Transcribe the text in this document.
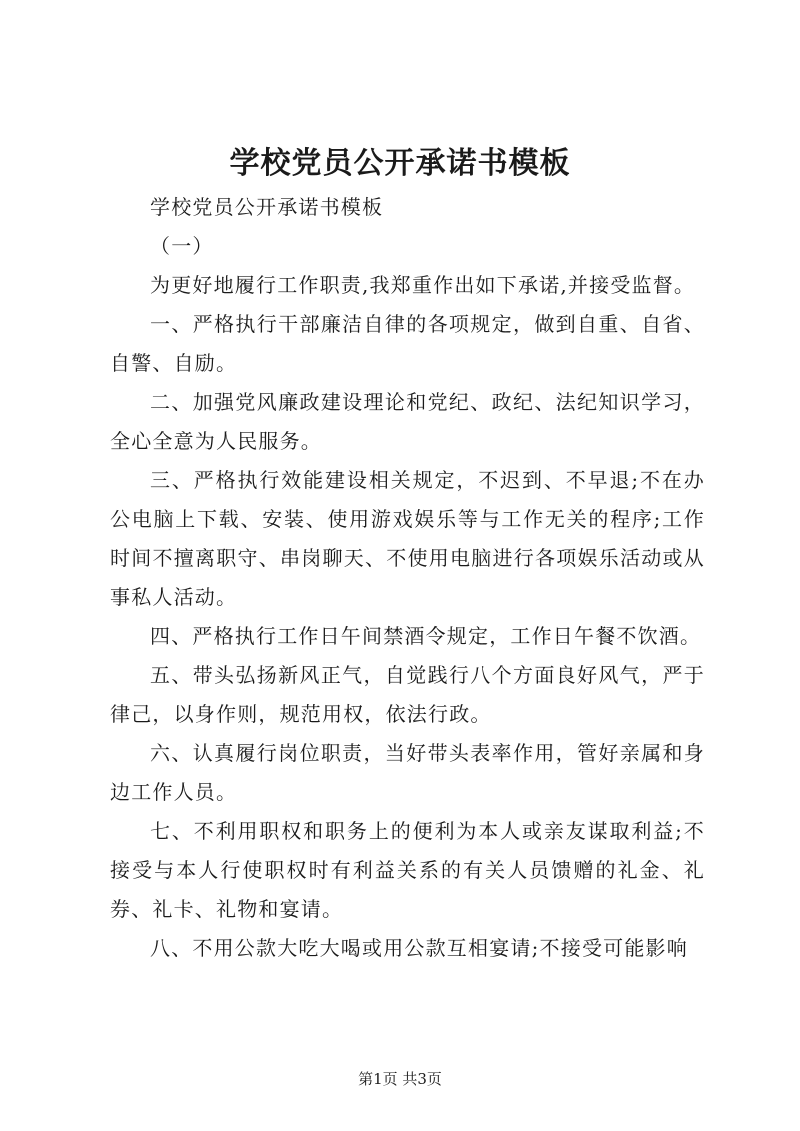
学校党员公开承诺书模板

学校党员公开承诺书模板

（一）

为更好地履行工作职责,我郑重作出如下承诺,并接受监督。

一、严格执行干部廉洁自律的各项规定，做到自重、自省、自警、自励。

二、加强党风廉政建设理论和党纪、政纪、法纪知识学习，全心全意为人民服务。

三、严格执行效能建设相关规定，不迟到、不早退;不在办公电脑上下载、安装、使用游戏娱乐等与工作无关的程序;工作时间不擅离职守、串岗聊天、不使用电脑进行各项娱乐活动或从事私人活动。

四、严格执行工作日午间禁酒令规定，工作日午餐不饮酒。

五、带头弘扬新风正气，自觉践行八个方面良好风气，严于律己，以身作则，规范用权，依法行政。

六、认真履行岗位职责，当好带头表率作用，管好亲属和身边工作人员。

七、不利用职权和职务上的便利为本人或亲友谋取利益;不接受与本人行使职权时有利益关系的有关人员馈赠的礼金、礼券、礼卡、礼物和宴请。

八、不用公款大吃大喝或用公款互相宴请;不接受可能影响

第1页 共3页
